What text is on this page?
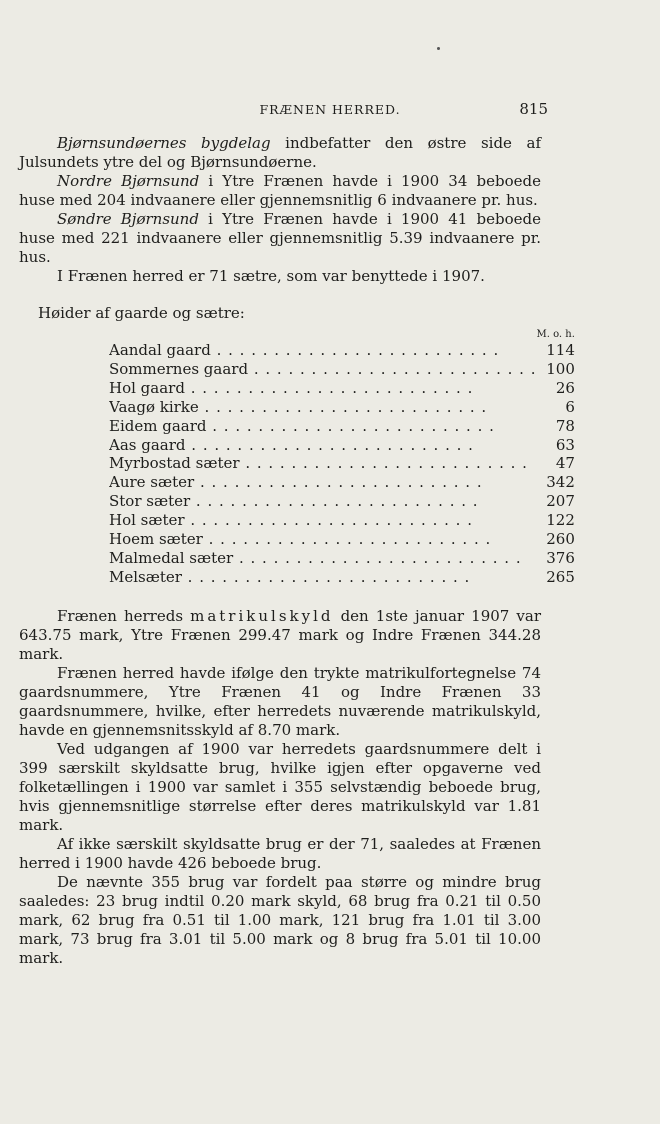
FRÆNEN HERRED.	815

Bjørnsundøernes bygdelag indbefatter den østre side af Julsundets ytre del og Bjørnsundøerne.

Nordre Bjørnsund i Ytre Frænen havde i 1900 34 beboede huse med 204 indvaanere eller gjennemsnitlig 6 indvaanere pr. hus.

Søndre Bjørnsund i Ytre Frænen havde i 1900 41 beboede huse med 221 indvaanere eller gjennemsnitlig 5.39 indvaanere pr. hus.

I Frænen herred er 71 sætre, som var benyttede i 1907.

Høider af gaarde og sætre:
	M. o. h.
Aandal gaard . . .	114
Sommernes gaard . . .	100
Hol gaard . . .	26
Vaagø kirke . . .	6
Eidem gaard . . .	78
Aas gaard . . .	63
Myrbostad sæter . . .	47
Aure sæter . . .	342
Stor sæter . . .	207
Hol sæter . . .	122
Hoem sæter . . .	260
Malmedal sæter . . .	376
Melsæter . . .	265

Frænen herreds matrikulskyld den 1ste januar 1907 var 643.75 mark, Ytre Frænen 299.47 mark og Indre Frænen 344.28 mark.

Frænen herred havde ifølge den trykte matrikulfortegnelse 74 gaardsnummere, Ytre Frænen 41 og Indre Frænen 33 gaardsnummere, hvilke, efter herredets nuværende matrikulskyld, havde en gjennemsnitsskyld af 8.70 mark.

Ved udgangen af 1900 var herredets gaardsnummere delt i 399 særskilt skyldsatte brug, hvilke igjen efter opgaverne ved folketællingen i 1900 var samlet i 355 selvstændig beboede brug, hvis gjennemsnitlige størrelse efter deres matrikulskyld var 1.81 mark.

Af ikke særskilt skyldsatte brug er der 71, saaledes at Frænen herred i 1900 havde 426 beboede brug.

De nævnte 355 brug var fordelt paa større og mindre brug saaledes: 23 brug indtil 0.20 mark skyld, 68 brug fra 0.21 til 0.50 mark, 62 brug fra 0.51 til 1.00 mark, 121 brug fra 1.01 til 3.00 mark, 73 brug fra 3.01 til 5.00 mark og 8 brug fra 5.01 til 10.00 mark.
